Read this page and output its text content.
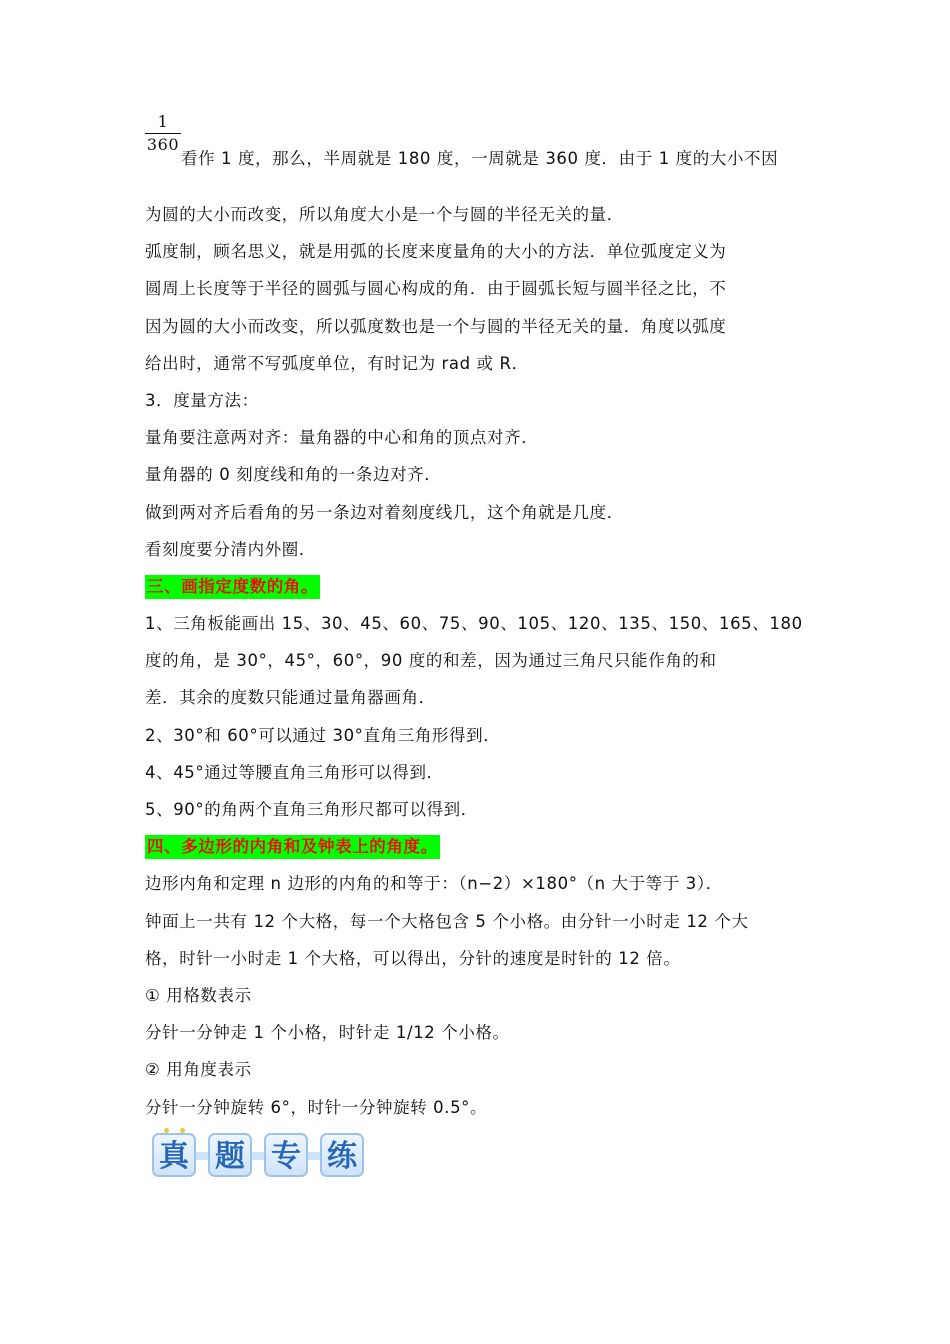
$\frac{1}{360}$
看作 1 度，那么，半周就是 180 度，一周就是 360 度．由于 1 度的大小不因
为圆的大小而改变，所以角度大小是一个与圆的半径无关的量．
弧度制，顾名思义，就是用弧的长度来度量角的大小的方法．单位弧度定义为
圆周上长度等于半径的圆弧与圆心构成的角．由于圆弧长短与圆半径之比，不
因为圆的大小而改变，所以弧度数也是一个与圆的半径无关的量．角度以弧度
给出时，通常不写弧度单位，有时记为 rad 或 R．
3．度量方法：
量角要注意两对齐：量角器的中心和角的顶点对齐．
量角器的 0 刻度线和角的一条边对齐．
做到两对齐后看角的另一条边对着刻度线几，这个角就是几度．
看刻度要分清内外圈．
三、画指定度数的角。
1、三角板能画出 15、30、45、60、75、90、105、120、135、150、165、180
度的角，是 30°，45°，60°，90 度的和差，因为通过三角尺只能作角的和
差．其余的度数只能通过量角器画角．
2、30°和 60°可以通过 30°直角三角形得到．
4、45°通过等腰直角三角形可以得到．
5、90°的角两个直角三角形尺都可以得到．
四、多边形的内角和及钟表上的角度。
边形内角和定理 n 边形的内角的和等于：（n−2）×180°（n 大于等于 3）．
钟面上一共有 12 个大格，每一个大格包含 5 个小格。由分针一小时走 12 个大
格，时针一小时走 1 个大格，可以得出，分针的速度是时针的 12 倍。
① 用格数表示
分针一分钟走 1 个小格，时针走 1/12 个小格。
② 用角度表示
分针一分钟旋转 6°，时针一分钟旋转 0.5°。
真 题 专 练
